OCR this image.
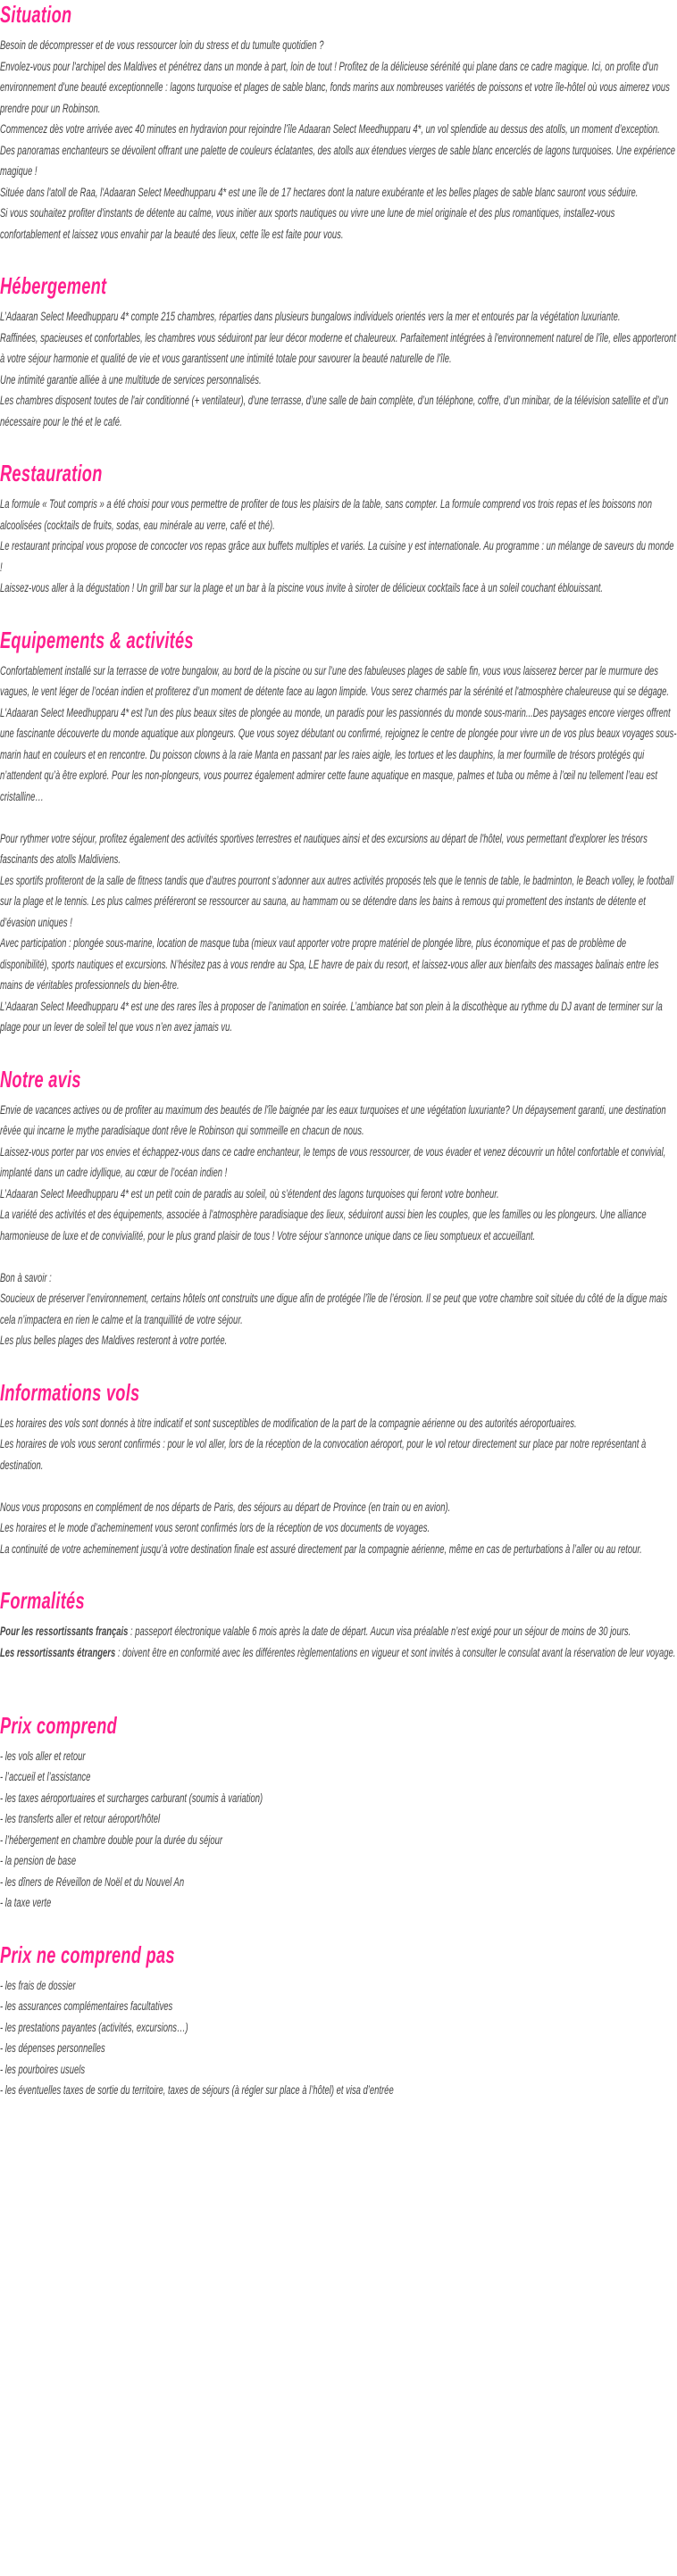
Situation

Besoin de décompresser et de vous ressourcer loin du stress et du tumulte quotidien ?

Envolez-vous pour l'archipel des Maldives et pénétrez dans un monde à part, loin de tout ! Profitez de la délicieuse sérénité qui plane dans ce cadre magique. Ici, on profite d'un environnement d'une beauté exceptionnelle : lagons turquoise et plages de sable blanc, fonds marins aux nombreuses variétés de poissons et votre île-hôtel où vous aimerez vous prendre pour un Robinson.

Commencez dès votre arrivée avec 40 minutes en hydravion pour rejoindre l’île Adaaran Select Meedhupparu 4*, un vol splendide au dessus des atolls, un moment d’exception.

Des panoramas enchanteurs se dévoilent offrant une palette de couleurs éclatantes, des atolls aux étendues vierges de sable blanc encerclés de lagons turquoises. Une expérience magique !

Située dans l'atoll de Raa, l'Adaaran Select Meedhupparu 4* est une île de 17 hectares dont la nature exubérante et les belles plages de sable blanc sauront vous séduire.

Si vous souhaitez profiter d'instants de détente au calme, vous initier aux sports nautiques ou vivre une lune de miel originale et des plus romantiques, installez-vous confortablement et laissez vous envahir par la beauté des lieux, cette île est faite pour vous.

Hébergement

L’Adaaran Select Meedhupparu 4* compte 215 chambres, réparties dans plusieurs bungalows individuels orientés vers la mer et entourés par la végétation luxuriante.

Raffinées, spacieuses et confortables, les chambres vous séduiront par leur décor moderne et chaleureux. Parfaitement intégrées à l'environnement naturel de l'île, elles apporteront à votre séjour harmonie et qualité de vie et vous garantissent une intimité totale pour savourer la beauté naturelle de l'île.

Une intimité garantie alliée à une multitude de services personnalisés.

Les chambres disposent toutes de l'air conditionné (+ ventilateur), d'une terrasse, d’une salle de bain complète, d’un téléphone, coffre, d’un minibar, de la télévision satellite et d’un nécessaire pour le thé et le café.

Restauration

La formule « Tout compris » a été choisi pour vous permettre de profiter de tous les plaisirs de la table, sans compter. La formule comprend vos trois repas et les boissons non alcoolisées (cocktails de fruits, sodas, eau minérale au verre, café et thé).

Le restaurant principal vous propose de concocter vos repas grâce aux buffets multiples et variés. La cuisine y est internationale. Au programme : un mélange de saveurs du monde !

Laissez-vous aller à la dégustation ! Un grill bar sur la plage et un bar à la piscine vous invite à siroter de délicieux cocktails face à un soleil couchant éblouissant.

Equipements & activités

Confortablement installé sur la terrasse de votre bungalow, au bord de la piscine ou sur l’une des fabuleuses plages de sable fin, vous vous laisserez bercer par le murmure des vagues, le vent léger de l’océan indien et profiterez d’un moment de détente face au lagon limpide. Vous serez charmés par la sérénité et l'atmosphère chaleureuse qui se dégage.

L'Adaaran Select Meedhupparu 4* est l'un des plus beaux sites de plongée au monde, un paradis pour les passionnés du monde sous-marin...Des paysages encore vierges offrent une fascinante découverte du monde aquatique aux plongeurs. Que vous soyez débutant ou confirmé, rejoignez le centre de plongée pour vivre un de vos plus beaux voyages sous-marin haut en couleurs et en rencontre. Du poisson clowns à la raie Manta en passant par les raies aigle, les tortues et les dauphins, la mer fourmille de trésors protégés qui n’attendent qu’à être exploré. Pour les non-plongeurs, vous pourrez également admirer cette faune aquatique en masque, palmes et tuba ou même à l’œil nu tellement l’eau est cristalline…

Pour rythmer votre séjour, profitez également des activités sportives terrestres et nautiques ainsi et des excursions au départ de l'hôtel, vous permettant d'explorer les trésors fascinants des atolls Maldiviens.

Les sportifs profiteront de la salle de fitness tandis que d’autres pourront s’adonner aux autres activités proposés tels que le tennis de table, le badminton, le Beach volley, le football sur la plage et le tennis. Les plus calmes préféreront se ressourcer au sauna, au hammam ou se détendre dans les bains à remous qui promettent des instants de détente et d’évasion uniques !

Avec participation : plongée sous-marine, location de masque tuba (mieux vaut apporter votre propre matériel de plongée libre, plus économique et pas de problème de disponibilité), sports nautiques et excursions. N’hésitez pas à vous rendre au Spa, LE havre de paix du resort, et laissez-vous aller aux bienfaits des massages balinais entre les mains de véritables professionnels du bien-être.

L’Adaaran Select Meedhupparu 4* est une des rares îles à proposer de l’animation en soirée. L’ambiance bat son plein à la discothèque au rythme du DJ avant de terminer sur la plage pour un lever de soleil tel que vous n’en avez jamais vu.

Notre avis

Envie de vacances actives ou de profiter au maximum des beautés de l'île baignée par les eaux turquoises et une végétation luxuriante? Un dépaysement garanti, une destination rêvée qui incarne le mythe paradisiaque dont rêve le Robinson qui sommeille en chacun de nous.

Laissez-vous porter par vos envies et échappez-vous dans ce cadre enchanteur, le temps de vous ressourcer, de vous évader et venez découvrir un hôtel confortable et convivial, implanté dans un cadre idyllique, au cœur de l’océan indien !

L’Adaaran Select Meedhupparu 4* est un petit coin de paradis au soleil, où s’étendent des lagons turquoises qui feront votre bonheur.

La variété des activités et des équipements, associée à l'atmosphère paradisiaque des lieux, séduiront aussi bien les couples, que les familles ou les plongeurs. Une alliance harmonieuse de luxe et de convivialité, pour le plus grand plaisir de tous ! Votre séjour s'annonce unique dans ce lieu somptueux et accueillant.

Bon à savoir :

Soucieux de préserver l’environnement, certains hôtels ont construits une digue afin de protégée l’île de l’érosion. Il se peut que votre chambre soit située du côté de la digue mais cela n’impactera en rien le calme et la tranquillité de votre séjour.

Les plus belles plages des Maldives resteront à votre portée.

Informations vols

Les horaires des vols sont donnés à titre indicatif et sont susceptibles de modification de la part de la compagnie aérienne ou des autorités aéroportuaires.

Les horaires de vols vous seront confirmés : pour le vol aller, lors de la réception de la convocation aéroport, pour le vol retour directement sur place par notre représentant à destination.

Nous vous proposons en complément de nos départs de Paris, des séjours au départ de Province (en train ou en avion).

Les horaires et le mode d’acheminement vous seront confirmés lors de la réception de vos documents de voyages.

La continuité de votre acheminement jusqu’à votre destination finale est assuré directement par la compagnie aérienne, même en cas de perturbations à l’aller ou au retour.

Formalités

Pour les ressortissants français : passeport électronique valable 6 mois après la date de départ. Aucun visa préalable n’est exigé pour un séjour de moins de 30 jours.

Les ressortissants étrangers : doivent être en conformité avec les différentes règlementations en vigueur et sont invités à consulter le consulat avant la réservation de leur voyage.

Prix comprend

- les vols aller et retour

- l’accueil et l’assistance

- les taxes aéroportuaires et surcharges carburant (soumis à variation)

- les transferts aller et retour aéroport/hôtel

- l’hébergement en chambre double pour la durée du séjour

- la pension de base

- les dîners de Réveillon de Noël et du Nouvel An

- la taxe verte

Prix ne comprend pas

- les frais de dossier

- les assurances complémentaires facultatives

- les prestations payantes (activités, excursions…)

- les dépenses personnelles

- les pourboires usuels

- les éventuelles taxes de sortie du territoire, taxes de séjours (à régler sur place à l’hôtel) et visa d’entrée
